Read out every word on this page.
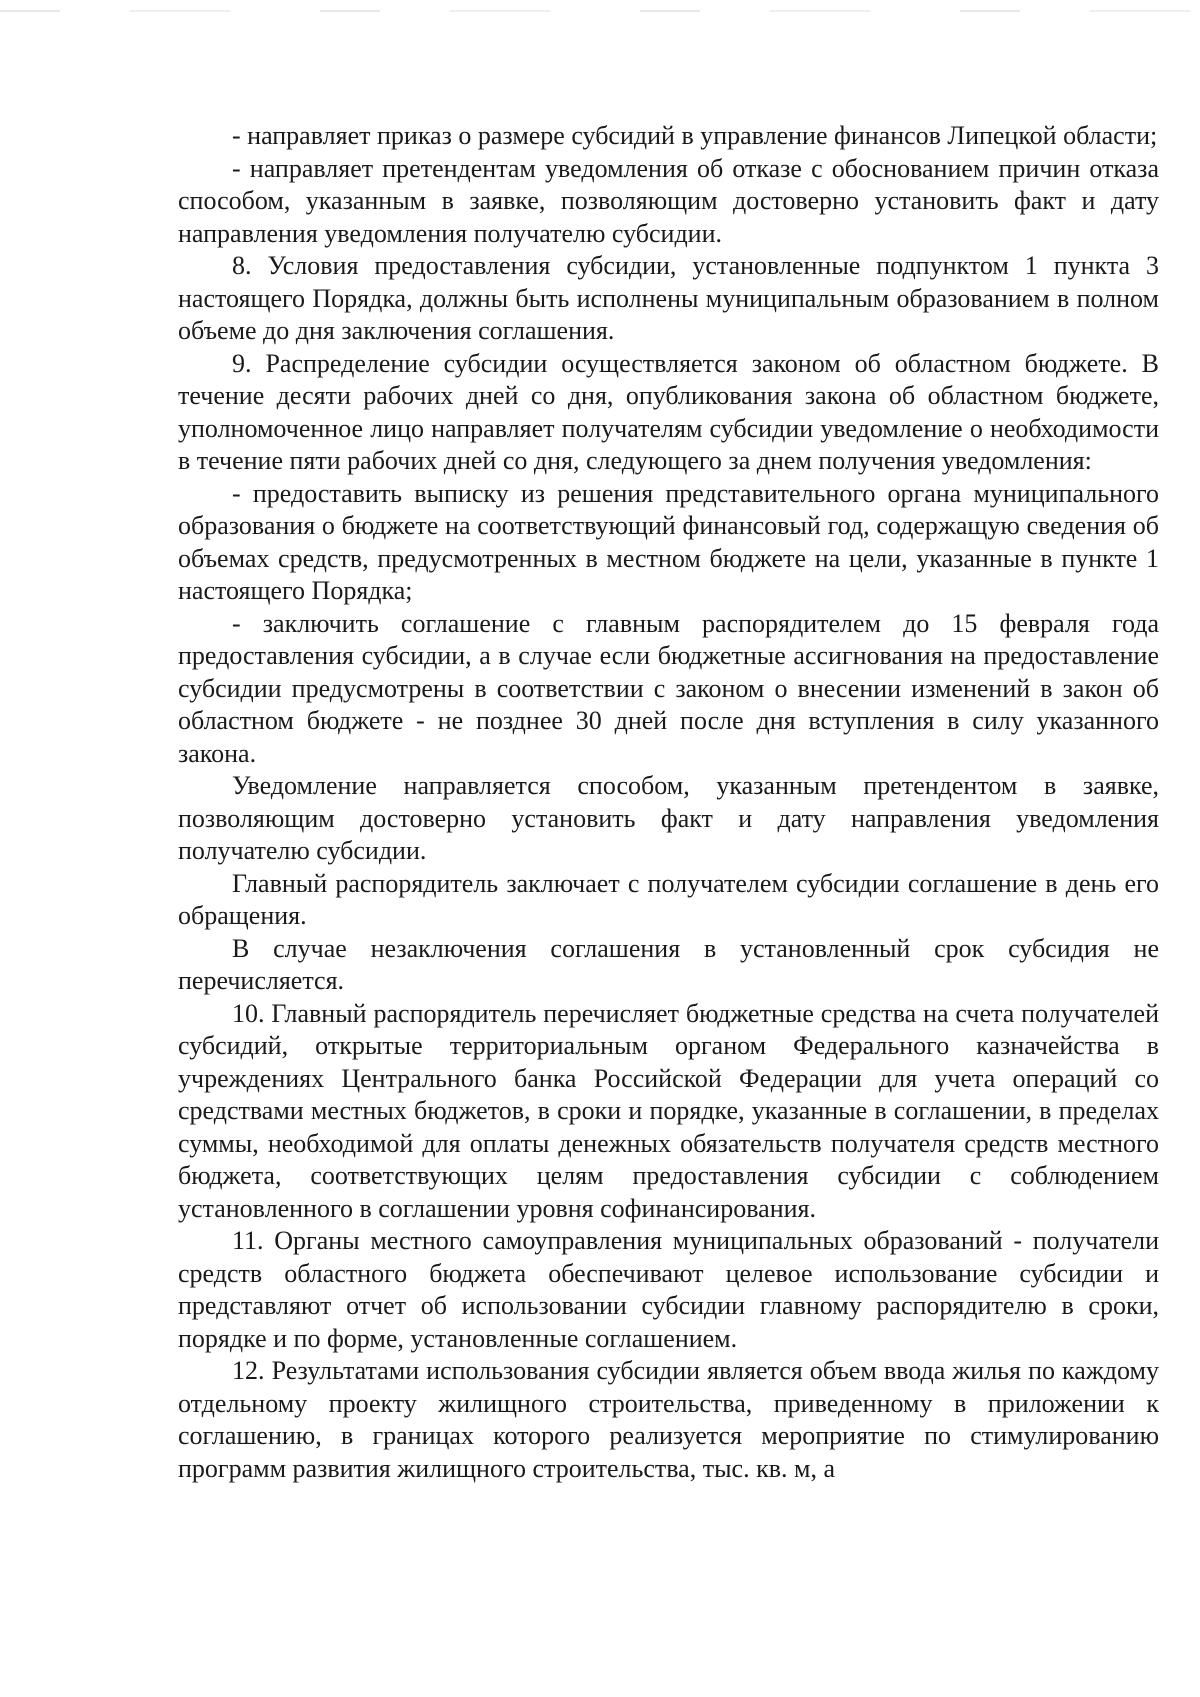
- направляет приказ о размере субсидий в управление финансов Липецкой области;

- направляет претендентам уведомления об отказе с обоснованием причин отказа способом, указанным в заявке, позволяющим достоверно установить факт и дату направления уведомления получателю субсидии.

8. Условия предоставления субсидии, установленные подпунктом 1 пункта 3 настоящего Порядка, должны быть исполнены муниципальным образованием в полном объеме до дня заключения соглашения.

9. Распределение субсидии осуществляется законом об областном бюджете. В течение десяти рабочих дней со дня, опубликования закона об областном бюджете, уполномоченное лицо направляет получателям субсидии уведомление о необходимости в течение пяти рабочих дней со дня, следующего за днем получения уведомления:

- предоставить выписку из решения представительного органа муниципального образования о бюджете на соответствующий финансовый год, содержащую сведения об объемах средств, предусмотренных в местном бюджете на цели, указанные в пункте 1 настоящего Порядка;

- заключить соглашение с главным распорядителем до 15 февраля года предоставления субсидии, а в случае если бюджетные ассигнования на предоставление субсидии предусмотрены в соответствии с законом о внесении изменений в закон об областном бюджете - не позднее 30 дней после дня вступления в силу указанного закона.

Уведомление направляется способом, указанным претендентом в заявке, позволяющим достоверно установить факт и дату направления уведомления получателю субсидии.

Главный распорядитель заключает с получателем субсидии соглашение в день его обращения.

В случае незаключения соглашения в установленный срок субсидия не перечисляется.

10. Главный распорядитель перечисляет бюджетные средства на счета получателей субсидий, открытые территориальным органом Федерального казначейства в учреждениях Центрального банка Российской Федерации для учета операций со средствами местных бюджетов, в сроки и порядке, указанные в соглашении, в пределах суммы, необходимой для оплаты денежных обязательств получателя средств местного бюджета, соответствующих целям предоставления субсидии с соблюдением установленного в соглашении уровня софинансирования.

11. Органы местного самоуправления муниципальных образований - получатели средств областного бюджета обеспечивают целевое использование субсидии и представляют отчет об использовании субсидии главному распорядителю в сроки, порядке и по форме, установленные соглашением.

12. Результатами использования субсидии является объем ввода жилья по каждому отдельному проекту жилищного строительства, приведенному в приложении к соглашению, в границах которого реализуется мероприятие по стимулированию программ развития жилищного строительства, тыс. кв. м, а
